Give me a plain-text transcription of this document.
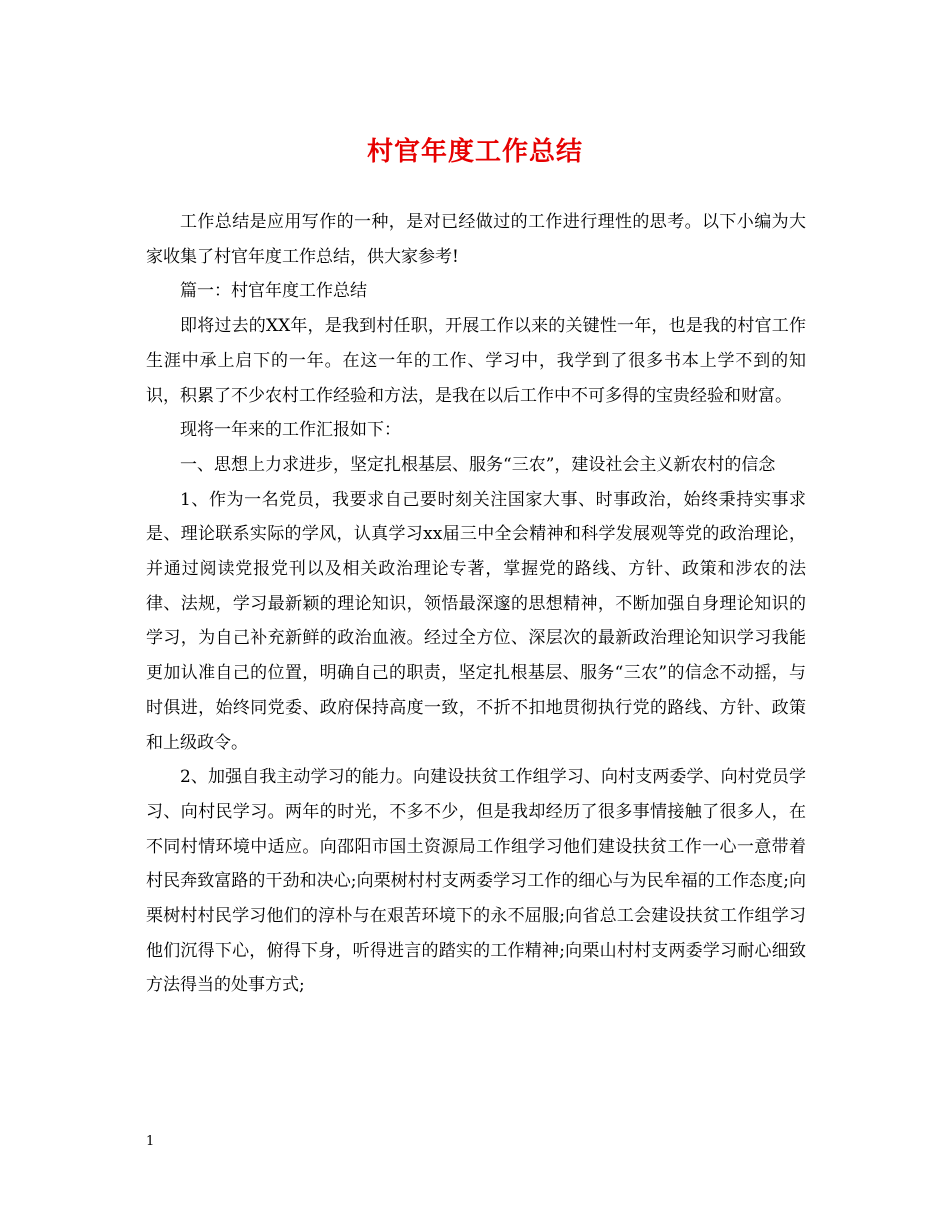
村官年度工作总结

工作总结是应用写作的一种，是对已经做过的工作进行理性的思考。以下小编为大家收集了村官年度工作总结，供大家参考!

篇一：村官年度工作总结

即将过去的XX年，是我到村任职，开展工作以来的关键性一年，也是我的村官工作生涯中承上启下的一年。在这一年的工作、学习中，我学到了很多书本上学不到的知识，积累了不少农村工作经验和方法，是我在以后工作中不可多得的宝贵经验和财富。

现将一年来的工作汇报如下：

一、思想上力求进步，坚定扎根基层、服务“三农”，建设社会主义新农村的信念

1、作为一名党员，我要求自己要时刻关注国家大事、时事政治，始终秉持实事求是、理论联系实际的学风，认真学习xx届三中全会精神和科学发展观等党的政治理论，并通过阅读党报党刊以及相关政治理论专著，掌握党的路线、方针、政策和涉农的法律、法规，学习最新颖的理论知识，领悟最深邃的思想精神，不断加强自身理论知识的学习，为自己补充新鲜的政治血液。经过全方位、深层次的最新政治理论知识学习我能更加认准自己的位置，明确自己的职责，坚定扎根基层、服务“三农”的信念不动摇，与时俱进，始终同党委、政府保持高度一致，不折不扣地贯彻执行党的路线、方针、政策和上级政令。

2、加强自我主动学习的能力。向建设扶贫工作组学习、向村支两委学、向村党员学习、向村民学习。两年的时光，不多不少，但是我却经历了很多事情接触了很多人，在不同村情环境中适应。向邵阳市国土资源局工作组学习他们建设扶贫工作一心一意带着村民奔致富路的干劲和决心;向栗树村村支两委学习工作的细心与为民牟福的工作态度;向栗树村村民学习他们的淳朴与在艰苦环境下的永不屈服;向省总工会建设扶贫工作组学习他们沉得下心，俯得下身，听得进言的踏实的工作精神;向栗山村村支两委学习耐心细致方法得当的处事方式;

1
